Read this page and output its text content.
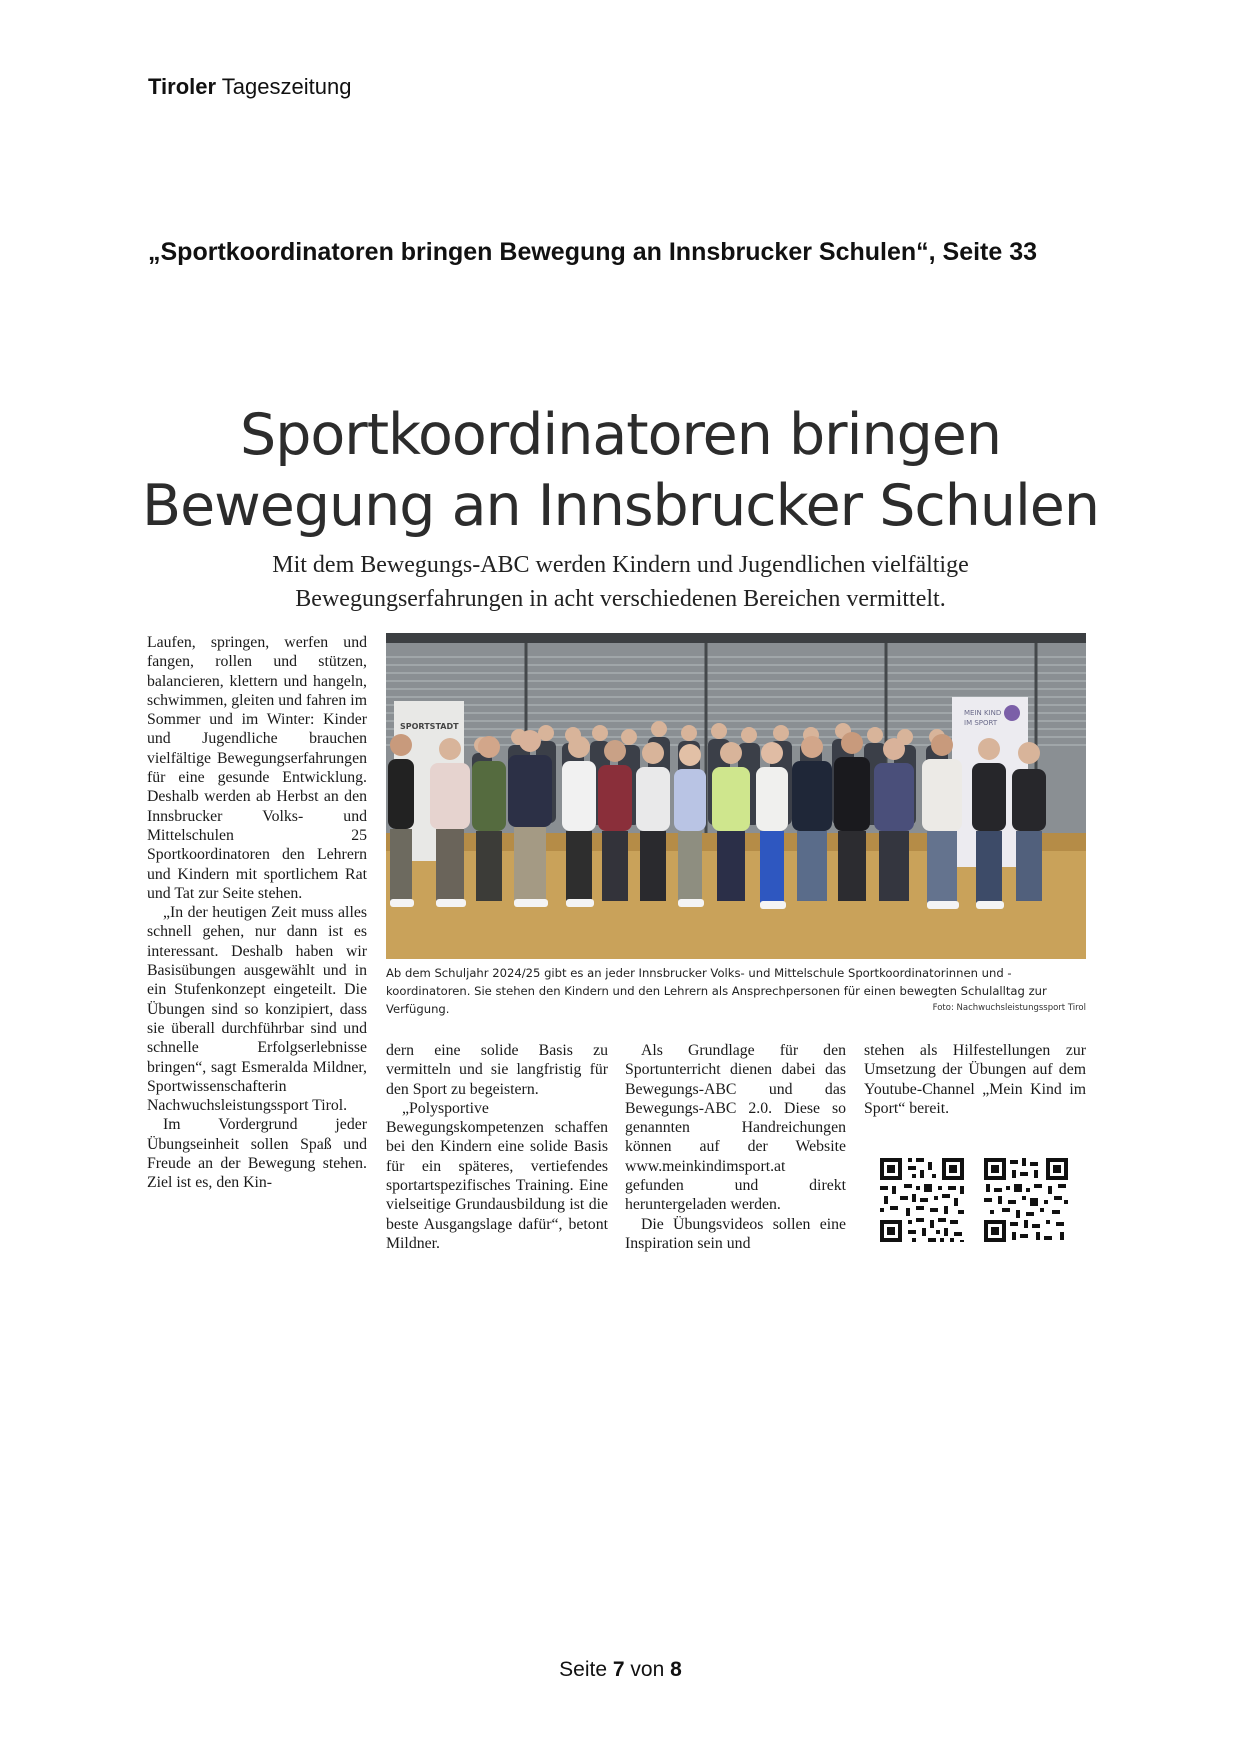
Tiroler Tageszeitung
„Sportkoordinatoren bringen Bewegung an Innsbrucker Schulen“, Seite 33
Sportkoordinatoren bringen
Bewegung an Innsbrucker Schulen
Mit dem Bewegungs-ABC werden Kindern und Jugendlichen vielfältige
Bewegungserfahrungen in acht verschiedenen Bereichen vermittelt.

Laufen, springen, werfen und fangen, rollen und stützen, balancieren, klettern und hangeln, schwimmen, gleiten und fahren im Sommer und im Winter: Kinder und Jugendliche brauchen vielfältige Bewegungserfahrungen für eine gesunde Entwicklung. Deshalb werden ab Herbst an den Innsbrucker Volks- und Mittelschulen 25 Sportkoordinatoren den Lehrern und Kindern mit sportlichem Rat und Tat zur Seite stehen.

„In der heutigen Zeit muss alles schnell gehen, nur dann ist es interessant. Deshalb haben wir Basisübungen ausgewählt und in ein Stufenkonzept eingeteilt. Die Übungen sind so konzipiert, dass sie überall durchführbar sind und schnelle Erfolgserlebnisse bringen“, sagt Esmeralda Mildner, Sportwissenschafterin Nachwuchsleistungssport Tirol.

Im Vordergrund jeder Übungseinheit sollen Spaß und Freude an der Bewegung stehen. Ziel ist es, den Kin-

dern eine solide Basis zu vermitteln und sie langfristig für den Sport zu begeistern.

„Polysportive Bewegungskompetenzen schaffen bei den Kindern eine solide Basis für ein späteres, vertiefendes sportartspezifisches Training. Eine vielseitige Grundausbildung ist die beste Ausgangslage dafür“, betont Mildner.

Als Grundlage für den Sportunterricht dienen dabei das Bewegungs-ABC und das Bewegungs-ABC 2.0. Diese so genannten Handreichungen können auf der Website www.meinkindimsport.at gefunden und direkt heruntergeladen werden.

Die Übungsvideos sollen eine Inspiration sein und

stehen als Hilfestellungen zur Umsetzung der Übungen auf dem Youtube-Channel „Mein Kind im Sport“ bereit.

SPORTSTADT
MEIN KIND
IM SPORT
Ab dem Schuljahr 2024/25 gibt es an jeder Innsbrucker Volks- und Mittelschule Sportkoordinatorinnen und -koordinatoren. Sie stehen den Kindern und den Lehrern als Ansprechpersonen für einen bewegten Schulalltag zur Verfügung.	Foto: Nachwuchsleistungssport Tirol
Seite 7 von 8
